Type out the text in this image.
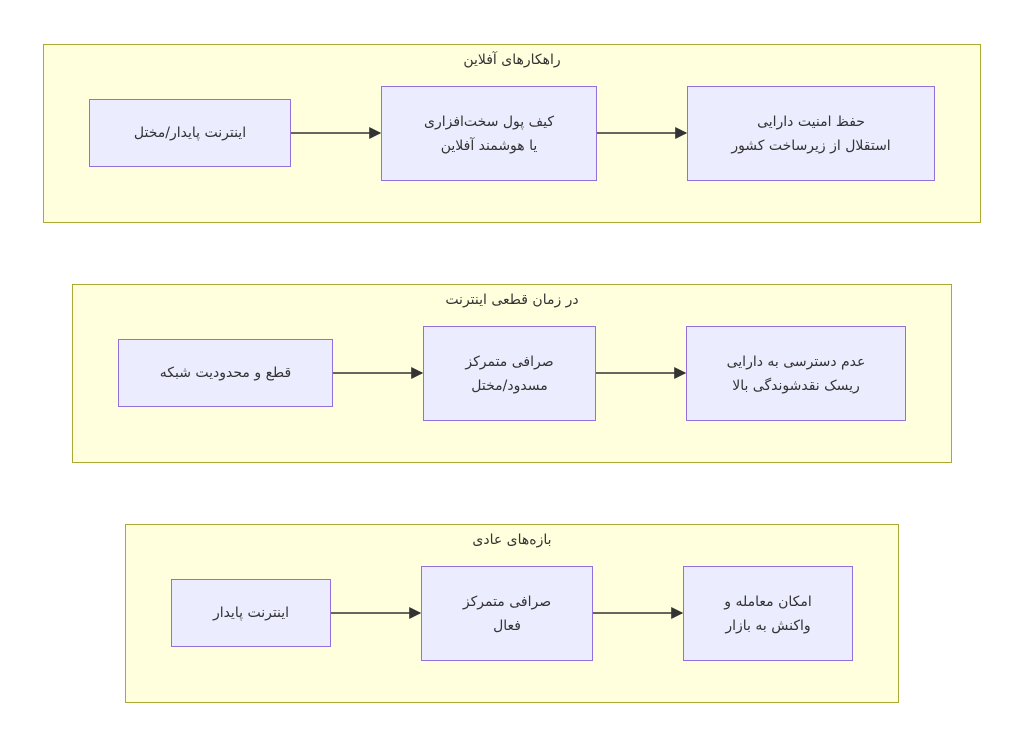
راهکارهای آفلاین
در زمان قطعی اینترنت
بازه‌های عادی
اینترنت پایدار/مختل
کیف پول سخت‌افزاری
یا هوشمند آفلاین
حفظ امنیت دارایی
استقلال از زیرساخت کشور
قطع و محدودیت شبکه
صرافی متمرکز
مسدود/مختل
عدم دسترسی به دارایی
ریسک نقدشوندگی بالا
اینترنت پایدار
صرافی متمرکز
فعال
امکان معامله و
واکنش به بازار
